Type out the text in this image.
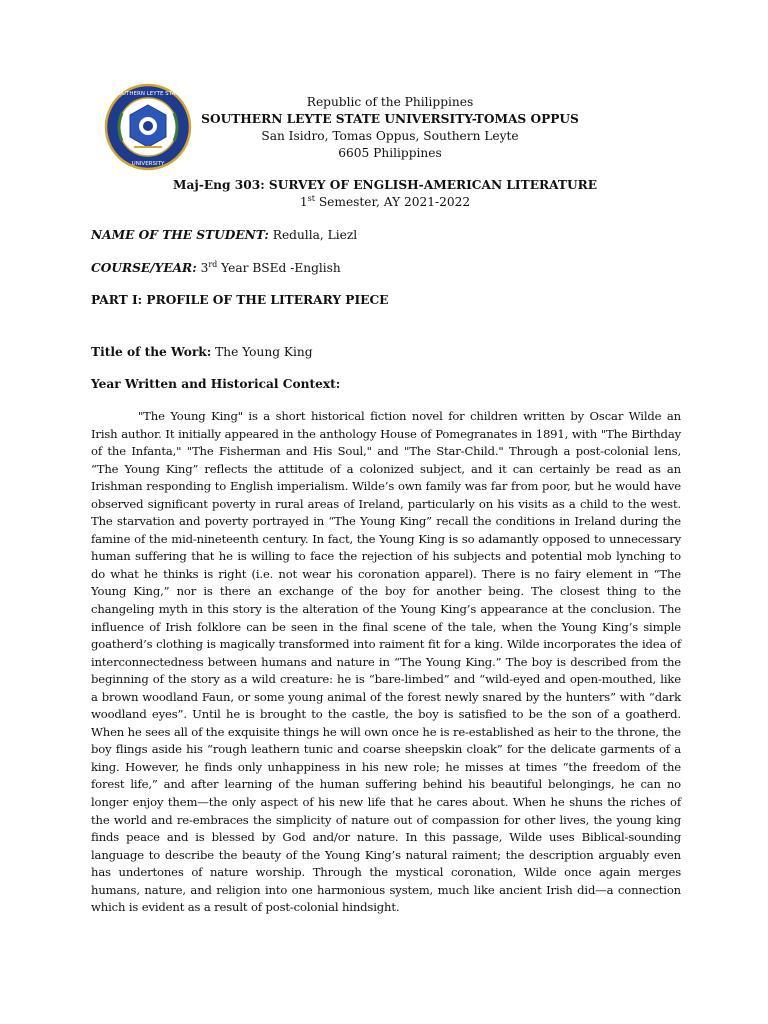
SOUTHERN LEYTE STATE
UNIVERSITY
Republic of the Philippines
SOUTHERN LEYTE STATE UNIVERSITY-TOMAS OPPUS
San Isidro, Tomas Oppus, Southern Leyte
6605 Philippines
Maj-Eng 303: SURVEY OF ENGLISH-AMERICAN LITERATURE
1st Semester, AY 2021-2022
NAME OF THE STUDENT: Redulla, Liezl
COURSE/YEAR: 3rd Year BSEd -English
PART I: PROFILE OF THE LITERARY PIECE
Title of the Work: The Young King
Year Written and Historical Context:

"The Young King" is a short historical fiction novel for children written by Oscar Wilde an Irish author. It initially appeared in the anthology House of Pomegranates in 1891, with "The Birthday of the Infanta," "The Fisherman and His Soul," and "The Star-Child." Through a post-colonial lens, “The Young King” reflects the attitude of a colonized subject, and it can certainly be read as an Irishman responding to English imperialism. Wilde’s own family was far from poor, but he would have observed significant poverty in rural areas of Ireland, particularly on his visits as a child to the west. The starvation and poverty portrayed in “The Young King” recall the conditions in Ireland during the famine of the mid-nineteenth century. In fact, the Young King is so adamantly opposed to unnecessary human suffering that he is willing to face the rejection of his subjects and potential mob lynching to do what he thinks is right (i.e. not wear his coronation apparel). There is no fairy element in “The Young King,” nor is there an exchange of the boy for another being. The closest thing to the changeling myth in this story is the alteration of the Young King’s appearance at the conclusion. The influence of Irish folklore can be seen in the final scene of the tale, when the Young King’s simple goatherd’s clothing is magically transformed into raiment fit for a king. Wilde incorporates the idea of interconnectedness between humans and nature in “The Young King.” The boy is described from the beginning of the story as a wild creature: he is “bare-limbed” and “wild-eyed and open-mouthed, like a brown woodland Faun, or some young animal of the forest newly snared by the hunters” with “dark woodland eyes”. Until he is brought to the castle, the boy is satisfied to be the son of a goatherd. When he sees all of the exquisite things he will own once he is re-established as heir to the throne, the boy flings aside his “rough leathern tunic and coarse sheepskin cloak” for the delicate garments of a king. However, he finds only unhappiness in his new role; he misses at times “the freedom of the forest life,” and after learning of the human suffering behind his beautiful belongings, he can no longer enjoy them—the only aspect of his new life that he cares about. When he shuns the riches of the world and re-embraces the simplicity of nature out of compassion for other lives, the young king finds peace and is blessed by God and/or nature. In this passage, Wilde uses Biblical-sounding language to describe the beauty of the Young King’s natural raiment; the description arguably even has undertones of nature worship. Through the mystical coronation, Wilde once again merges humans, nature, and religion into one harmonious system, much like ancient Irish did—a connection which is evident as a result of post-colonial hindsight.
